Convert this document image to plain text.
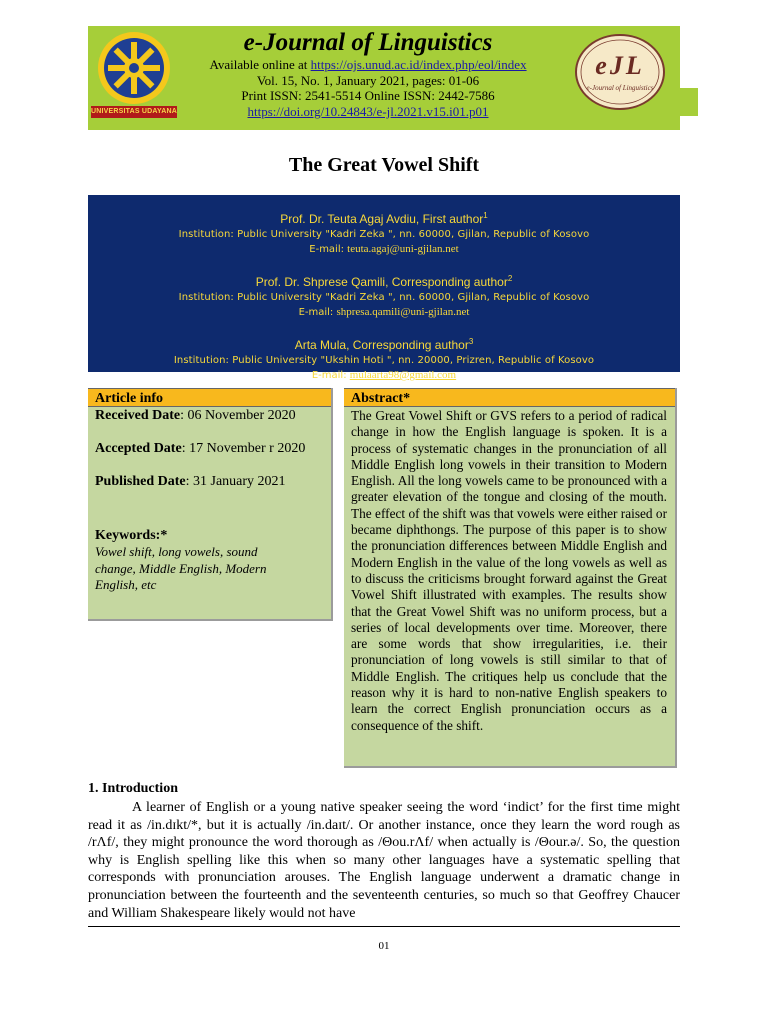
UNIVERSITAS UDAYANA
e-Journal of Linguistics
Available online at https://ojs.unud.ac.id/index.php/eol/index
Vol. 15, No. 1, January 2021, pages: 01-06
Print ISSN: 2541-5514 Online ISSN: 2442-7586
https://doi.org/10.24843/e-jl.2021.v15.i01.p01
eJL
e-Journal of Linguistics
The Great Vowel Shift
Prof. Dr. Teuta Agaj Avdiu, First author$^1$
Institution: Public University "Kadri Zeka ", nn. 60000, Gjilan, Republic of Kosovo
E-mail: teuta.agaj@uni-gjilan.net
Prof. Dr. Shprese Qamili, Corresponding author$^2$
Institution: Public University "Kadri Zeka ", nn. 60000, Gjilan, Republic of Kosovo
E-mail: shpresa.qamili@uni-gjilan.net
Arta Mula, Corresponding author$^3$
Institution: Public University "Ukshin Hoti ", nn. 20000, Prizren, Republic of Kosovo
E-mail: mulaarta98@gmail.com
Article info

Received Date: 06 November 2020

Accepted Date: 17 November r 2020

Published Date: 31 January 2021

Keywords:*

Vowel shift, long vowels, sound change, Middle English, Modern English, etc

Abstract*
The Great Vowel Shift or GVS refers to a period of radical change in how the English language is spoken. It is a process of systematic changes in the pronunciation of all Middle English long vowels in their transition to Modern English. All the long vowels came to be pronounced with a greater elevation of the tongue and closing of the mouth. The effect of the shift was that vowels were either raised or became diphthongs. The purpose of this paper is to show the pronunciation differences between Middle English and Modern English in the value of the long vowels as well as to discuss the criticisms brought forward against the Great Vowel Shift illustrated with examples. The results show that the Great Vowel Shift was no uniform process, but a series of local developments over time. Moreover, there are some words that show irregularities, i.e. their pronunciation of long vowels is still similar to that of Middle English. The critiques help us conclude that the reason why it is hard to non-native English speakers to learn the correct English pronunciation occurs as a consequence of the shift.
1. Introduction
A learner of English or a young native speaker seeing the word ‘indict’ for the first time might read it as /in.dɪkt/*, but it is actually /in.daɪt/. Or another instance, once they learn the word rough as /rΛf/, they might pronounce the word thorough as /Θou.rΛf/ when actually is /Θour.ə/. So, the question why is English spelling like this when so many other languages have a systematic spelling that corresponds with pronunciation arouses. The English language underwent a dramatic change in pronunciation between the fourteenth and the seventeenth centuries, so much so that Geoffrey Chaucer and William Shakespeare likely would not have
01
